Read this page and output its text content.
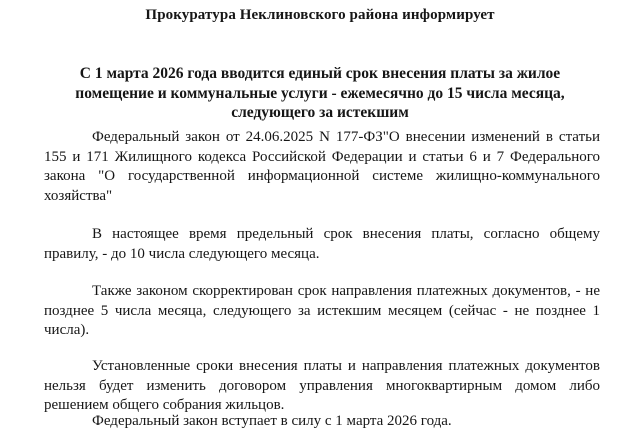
Прокуратура Неклиновского района информирует
С 1 марта 2026 года вводится единый срок внесения платы за жилое помещение и коммунальные услуги - ежемесячно до 15 числа месяца, следующего за истекшим

Федеральный закон от 24.06.2025 N 177-ФЗ"О внесении изменений в статьи 155 и 171 Жилищного кодекса Российской Федерации и статьи 6 и 7 Федерального закона "О государственной информационной системе жилищно-коммунального хозяйства"

В настоящее время предельный срок внесения платы, согласно общему правилу, - до 10 числа следующего месяца.

Также законом скорректирован срок направления платежных документов, - не позднее 5 числа месяца, следующего за истекшим месяцем (сейчас - не позднее 1 числа).

Установленные сроки внесения платы и направления платежных документов нельзя будет изменить договором управления многоквартирным домом либо решением общего собрания жильцов.

Федеральный закон вступает в силу с 1 марта 2026 года.
